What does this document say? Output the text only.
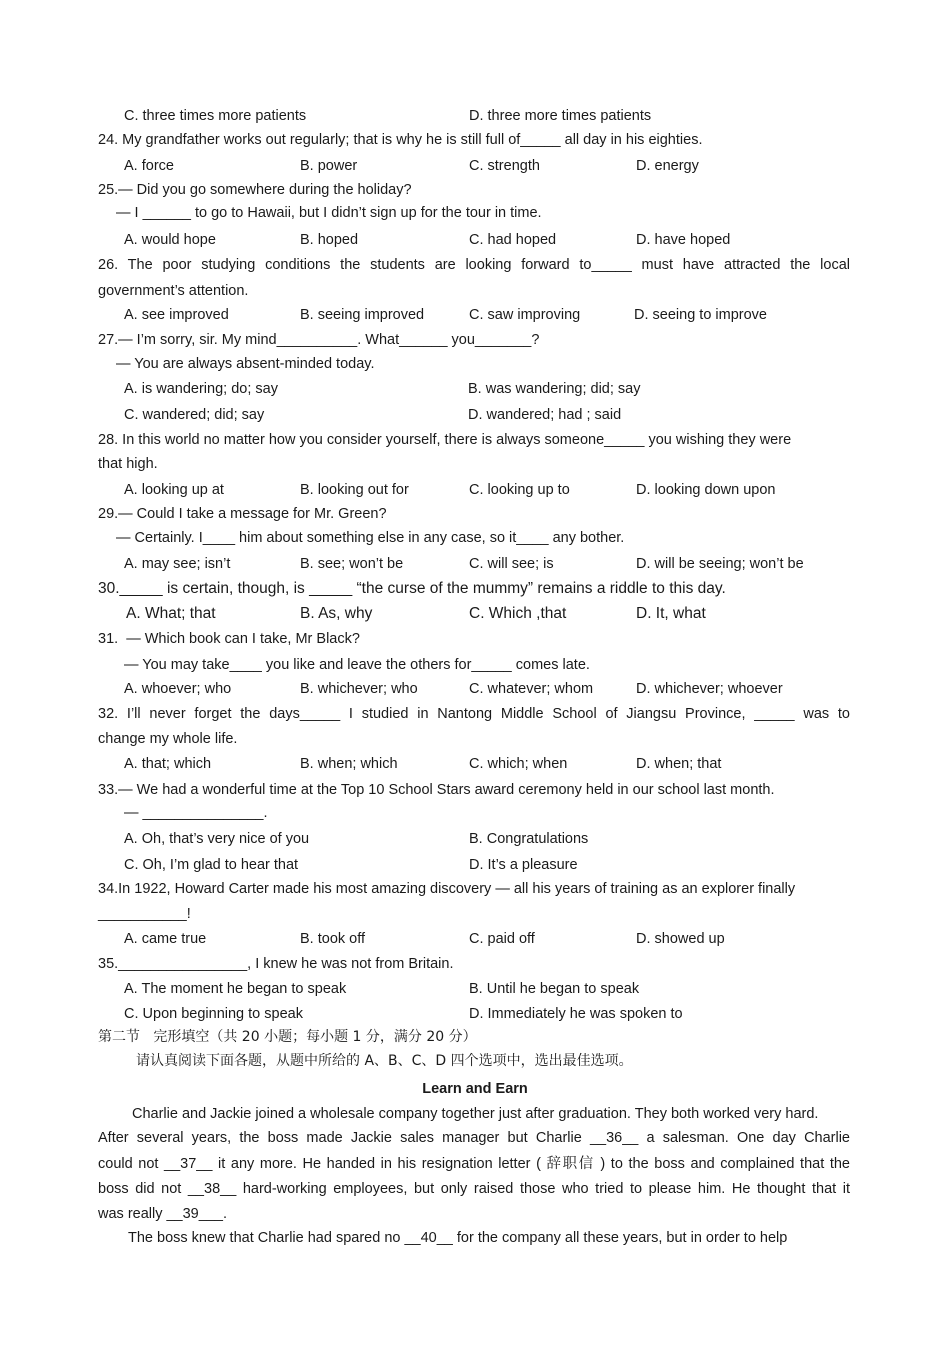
C. three times more patients	D. three more times patients
24. My grandfather works out regularly; that is why he is still full of_____ all day in his eighties.
A. force	B. power	C. strength	D. energy
25.— Did you go somewhere during the holiday?
— I ______ to go to Hawaii, but I didn’t sign up for the tour in time.
A. would hope	B. hoped	C. had hoped	D. have hoped
26. The poor studying conditions the students are looking forward to_____ must have attracted the local
government’s attention.
A. see improved	B. seeing improved	C. saw improving	D. seeing to improve
27.— I’m sorry, sir. My mind__________. What______ you_______?
— You are always absent-minded today.
A. is wandering; do; say	B. was wandering; did; say
C. wandered; did; say	D. wandered; had ; said
28. In this world no matter how you consider yourself, there is always someone_____ you wishing they were
that high.
A. looking up at	B. looking out for	C. looking up to	D. looking down upon
29.— Could I take a message for Mr. Green?
— Certainly. I____ him about something else in any case, so it____ any bother.
A. may see; isn’t	B. see; won’t be	C. will see; is	D. will be seeing; won’t be
30._____ is certain, though, is _____ “the curse of the mummy” remains a riddle to this day.
A. What; that	B. As, why	C. Which ,that	D. It, what
31.  — Which book can I take, Mr Black?
— You may take____ you like and leave the others for_____ comes late.
A. whoever; who	B. whichever; who	C. whatever; whom	D. whichever; whoever
32. I’ll never forget the days_____ I studied in Nantong Middle School of Jiangsu Province, _____ was to
change my whole life.
A. that; which	B. when; which	C. which; when	D. when; that
33.— We had a wonderful time at the Top 10 School Stars award ceremony held in our school last month.
— _______________.
A. Oh, that’s very nice of you	B. Congratulations
C. Oh, I’m glad to hear that	D. It’s a pleasure
34.In 1922, Howard Carter made his most amazing discovery — all his years of training as an explorer finally
___________!
A. came true	B. took off	C. paid off	D. showed up
35.________________, I knew he was not from Britain.
A. The moment he began to speak	B. Until he began to speak
C. Upon beginning to speak	D. Immediately he was spoken to
第二节   完形填空（共 20 小题；每小题 1 分，满分 20 分）
请认真阅读下面各题，从题中所给的 A、B、C、D 四个选项中，选出最佳选项。
Learn and Earn
Charlie and Jackie joined a wholesale company together just after graduation. They both worked very hard.
After several years, the boss made Jackie sales manager but Charlie __36__ a salesman. One day Charlie
could not __37__ it any more. He handed in his resignation letter ( 辞职信 ) to the boss and complained that the
boss did not __38__ hard-working employees, but only raised those who tried to please him. He thought that it
was really __39___.
The boss knew that Charlie had spared no __40__ for the company all these years, but in order to help
